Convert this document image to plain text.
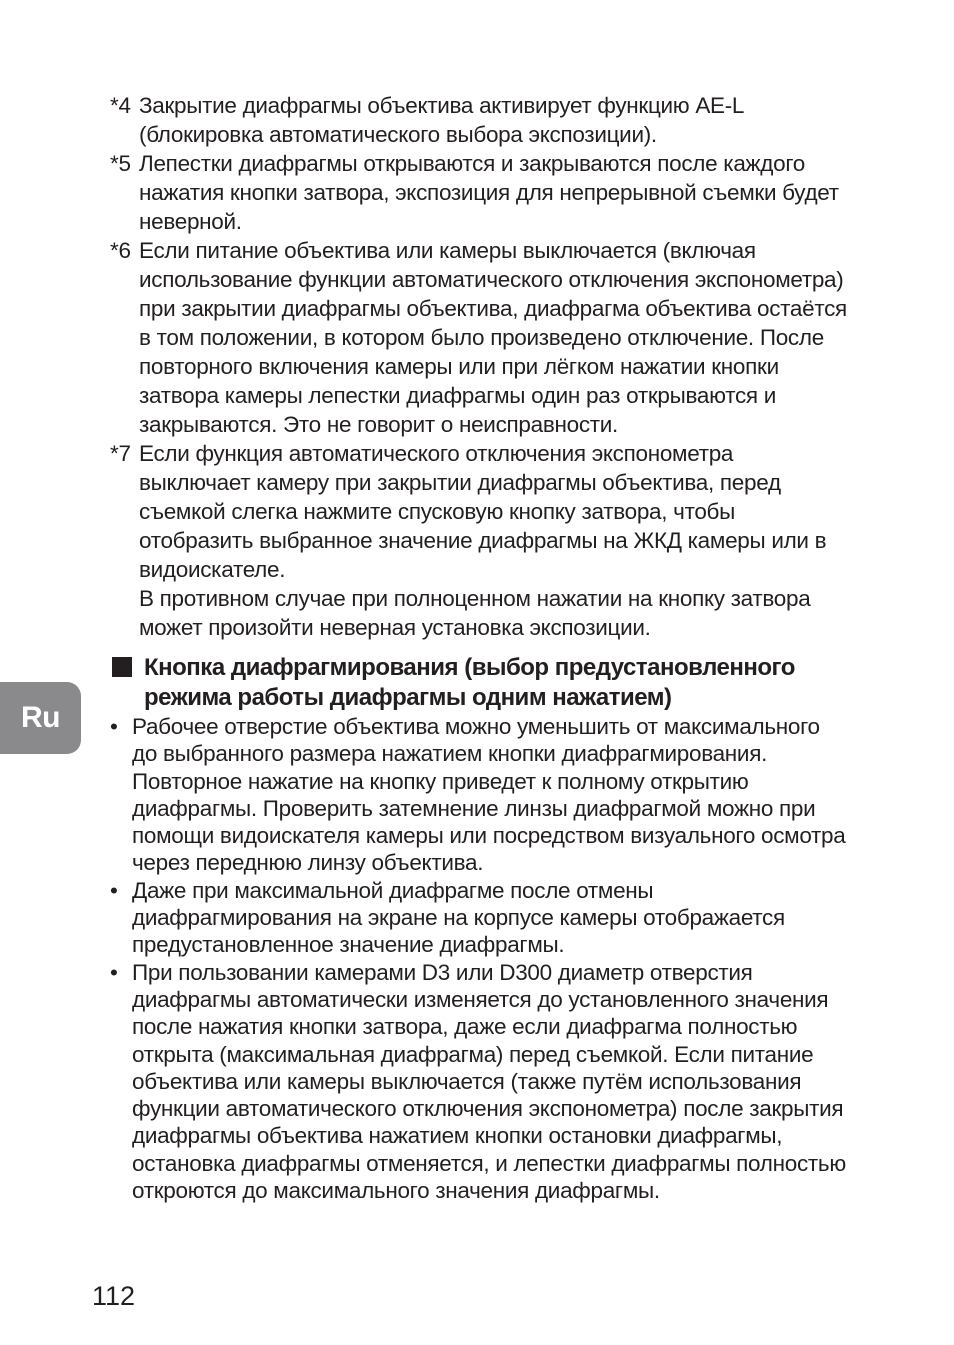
*4 Закрытие диафрагмы объектива активирует функцию AE-L (блокировка автоматического выбора экспозиции).

*5 Лепестки диафрагмы открываются и закрываются после каждого нажатия кнопки затвора, экспозиция для непрерывной съемки будет неверной.

*6 Если питание объектива или камеры выключается (включая использование функции автоматического отключения экспонометра) при закрытии диафрагмы объектива, диафрагма объектива остаётся в том положении, в котором было произведено отключение. После повторного включения камеры или при лёгком нажатии кнопки затвора камеры лепестки диафрагмы один раз открываются и закрываются. Это не говорит о неисправности.

*7 Если функция автоматического отключения экспонометра выключает камеру при закрытии диафрагмы объектива, перед съемкой слегка нажмите спусковую кнопку затвора, чтобы отобразить выбранное значение диафрагмы на ЖКД камеры или в видоискателе.

В противном случае при полноценном нажатии на кнопку затвора может произойти неверная установка экспозиции.

Кнопка диафрагмирования (выбор предустановленного режима работы диафрагмы одним нажатием)
• Рабочее отверстие объектива можно уменьшить от максимального до выбранного размера нажатием кнопки диафрагмирования. Повторное нажатие на кнопку приведет к полному открытию диафрагмы. Проверить затемнение линзы диафрагмой можно при помощи видоискателя камеры или посредством визуального осмотра через переднюю линзу объектива.
• Даже при максимальной диафрагме после отмены диафрагмирования на экране на корпусе камеры отображается предустановленное значение диафрагмы.
• При пользовании камерами D3 или D300 диаметр отверстия диафрагмы автоматически изменяется до установленного значения после нажатия кнопки затвора, даже если диафрагма полностью открыта (максимальная диафрагма) перед съемкой. Если питание объектива или камеры выключается (также путём использования функции автоматического отключения экспонометра) после закрытия диафрагмы объектива нажатием кнопки остановки диафрагмы, остановка диафрагмы отменяется, и лепестки диафрагмы полностью откроются до максимального значения диафрагмы.
Ru
112
